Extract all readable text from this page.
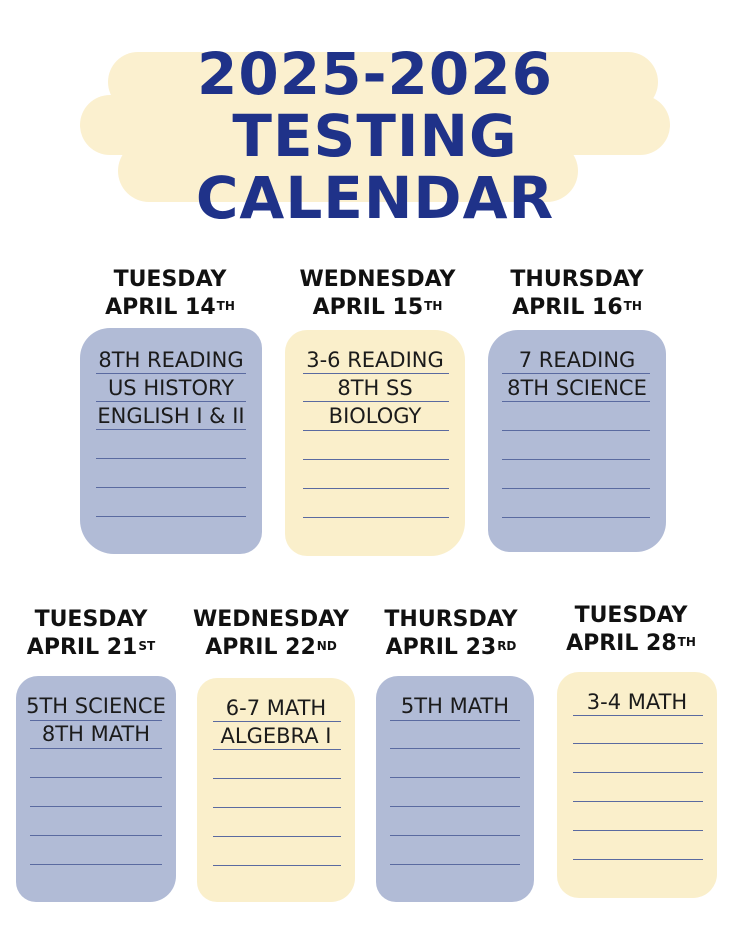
2025-2026
TESTING
CALENDAR
TUESDAY
APRIL 14TH
8TH READING
US HISTORY
ENGLISH I & II
WEDNESDAY
APRIL 15TH
3-6 READING
8TH SS
BIOLOGY
THURSDAY
APRIL 16TH
7 READING
8TH SCIENCE
TUESDAY
APRIL 21ST
5TH SCIENCE
8TH MATH
WEDNESDAY
APRIL 22ND
6-7 MATH
ALGEBRA I
THURSDAY
APRIL 23RD
5TH MATH
TUESDAY
APRIL 28TH
3-4 MATH
